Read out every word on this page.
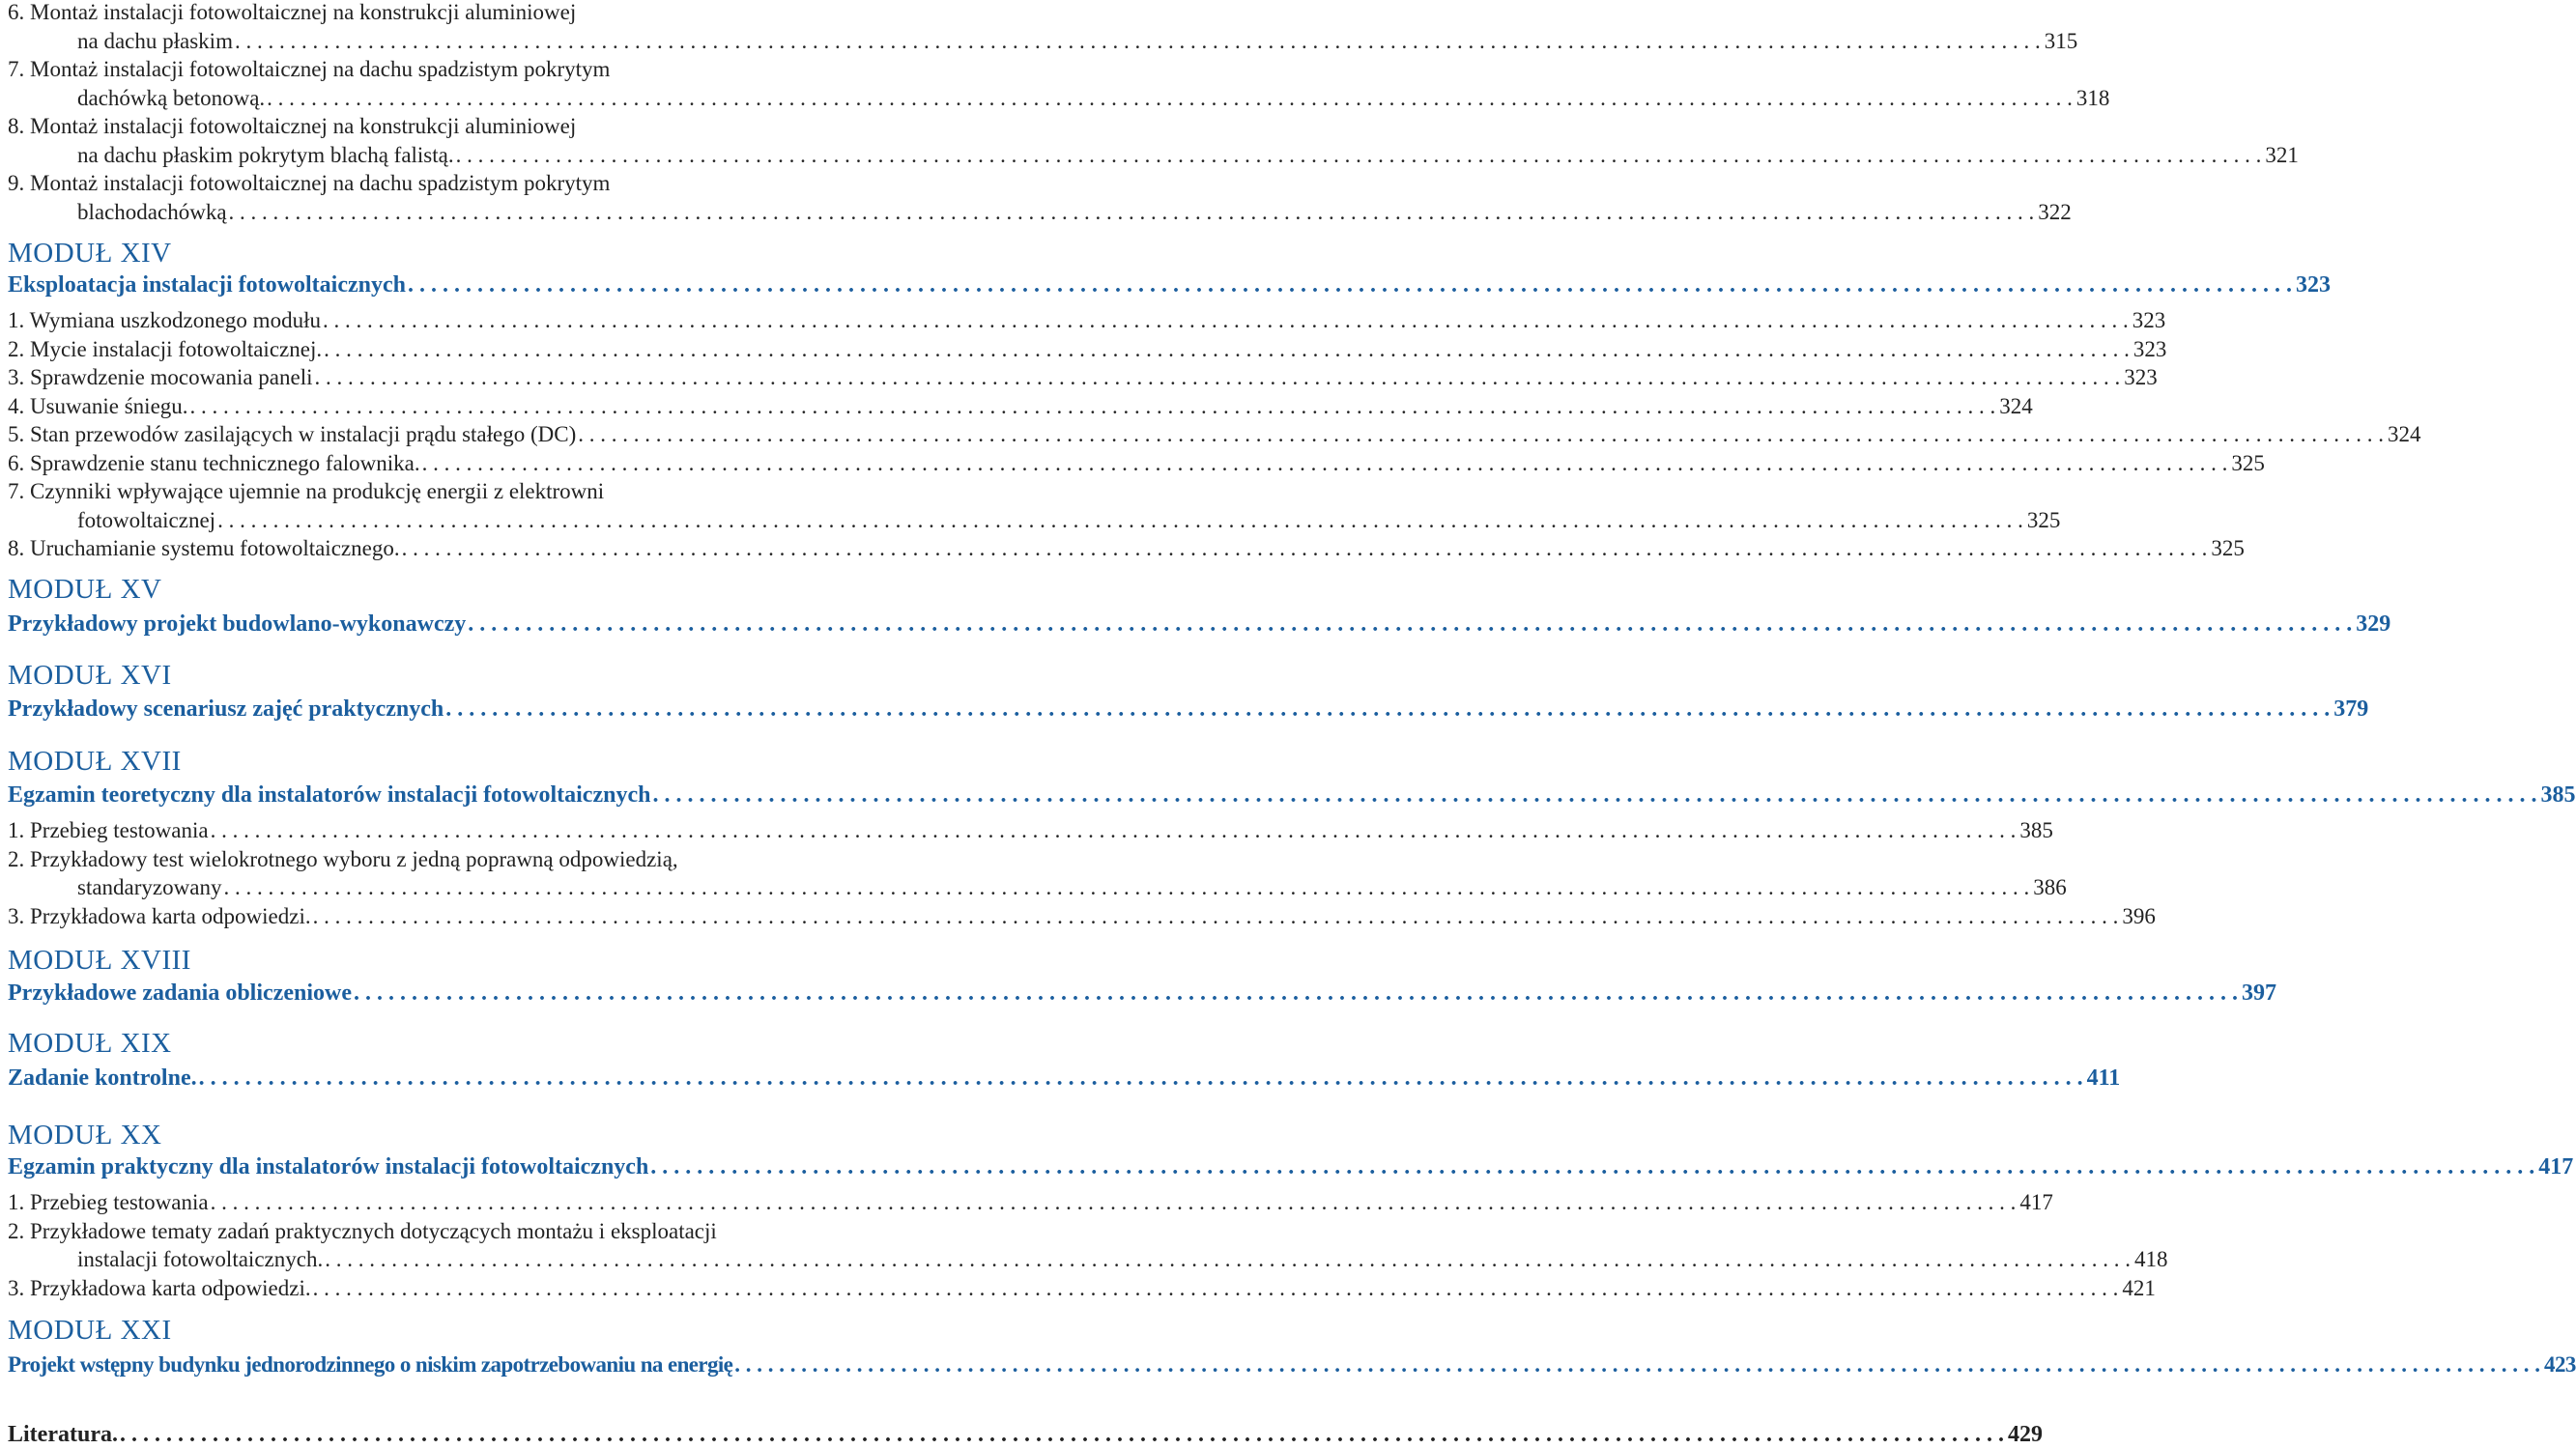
6. Montaż instalacji fotowoltaicznej na konstrukcji aluminiowej
na dachu płaskim . . .	315
7. Montaż instalacji fotowoltaicznej na dachu spadzistym pokrytym
dachówką betonową. . . .	318
8. Montaż instalacji fotowoltaicznej na konstrukcji aluminiowej
na dachu płaskim pokrytym blachą falistą. . . .	321
9. Montaż instalacji fotowoltaicznej na dachu spadzistym pokrytym
blachodachówką . . .	322
MODUŁ XIV
Eksploatacja instalacji fotowoltaicznych . . .	323
1. Wymiana uszkodzonego modułu . . .	323
2. Mycie instalacji fotowoltaicznej. . . .	323
3. Sprawdzenie mocowania paneli . . .	323
4. Usuwanie śniegu. . . .	324
5. Stan przewodów zasilających w instalacji prądu stałego (DC) . . .	324
6. Sprawdzenie stanu technicznego falownika. . . .	325
7. Czynniki wpływające ujemnie na produkcję energii z elektrowni
fotowoltaicznej . . .	325
8. Uruchamianie systemu fotowoltaicznego. . . .	325
MODUŁ XV
Przykładowy projekt budowlano-wykonawczy . . .	329
MODUŁ XVI
Przykładowy scenariusz zajęć praktycznych . . .	379
MODUŁ XVII
Egzamin teoretyczny dla instalatorów instalacji fotowoltaicznych . . .	385
1. Przebieg testowania . . .	385
2. Przykładowy test wielokrotnego wyboru z jedną poprawną odpowiedzią,
standaryzowany . . .	386
3. Przykładowa karta odpowiedzi. . . .	396
MODUŁ XVIII
Przykładowe zadania obliczeniowe . . .	397
MODUŁ XIX
Zadanie kontrolne. . . .	411
MODUŁ XX
Egzamin praktyczny dla instalatorów instalacji fotowoltaicznych . . .	417
1. Przebieg testowania . . .	417
2. Przykładowe tematy zadań praktycznych dotyczących montażu i eksploatacji
instalacji fotowoltaicznych. . . .	418
3. Przykładowa karta odpowiedzi. . . .	421
MODUŁ XXI
Projekt wstępny budynku jednorodzinnego o niskim zapotrzebowaniu na energię . . .	423
Literatura. . . .	429
